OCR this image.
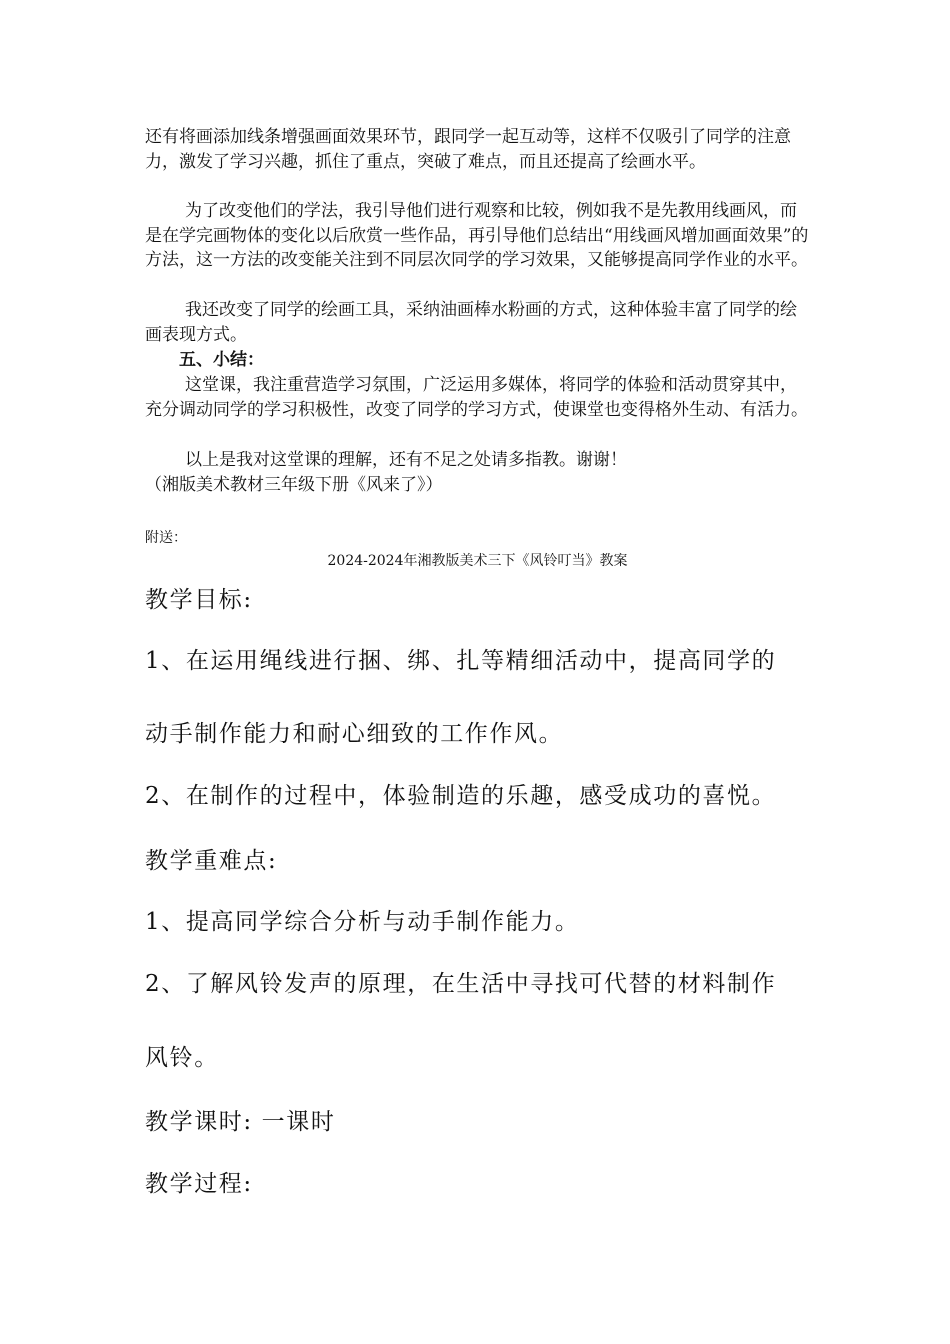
还有将画添加线条增强画面效果环节，跟同学一起互动等，这样不仅吸引了同学的注意力，激发了学习兴趣，抓住了重点，突破了难点，而且还提高了绘画水平。

为了改变他们的学法，我引导他们进行观察和比较，例如我不是先教用线画风，而是在学完画物体的变化以后欣赏一些作品，再引导他们总结出“用线画风增加画面效果”的方法，这一方法的改变能关注到不同层次同学的学习效果，又能够提高同学作业的水平。

我还改变了同学的绘画工具，采纳油画棒水粉画的方式，这种体验丰富了同学的绘画表现方式。

五、小结：

这堂课，我注重营造学习氛围，广泛运用多媒体，将同学的体验和活动贯穿其中，充分调动同学的学习积极性，改变了同学的学习方式，使课堂也变得格外生动、有活力。

以上是我对这堂课的理解，还有不足之处请多指教。谢谢！

（湘版美术教材三年级下册《风来了》）

附送：

2024-2024年湘教版美术三下《风铃叮当》教案

教学目标:

1、在运用绳线进行捆、绑、扎等精细活动中，提高同学的

动手制作能力和耐心细致的工作作风。

2、在制作的过程中，体验制造的乐趣，感受成功的喜悦。

教学重难点:

1、提高同学综合分析与动手制作能力。

2、了解风铃发声的原理，在生活中寻找可代替的材料制作

风铃。

教学课时: 一课时

教学过程:
